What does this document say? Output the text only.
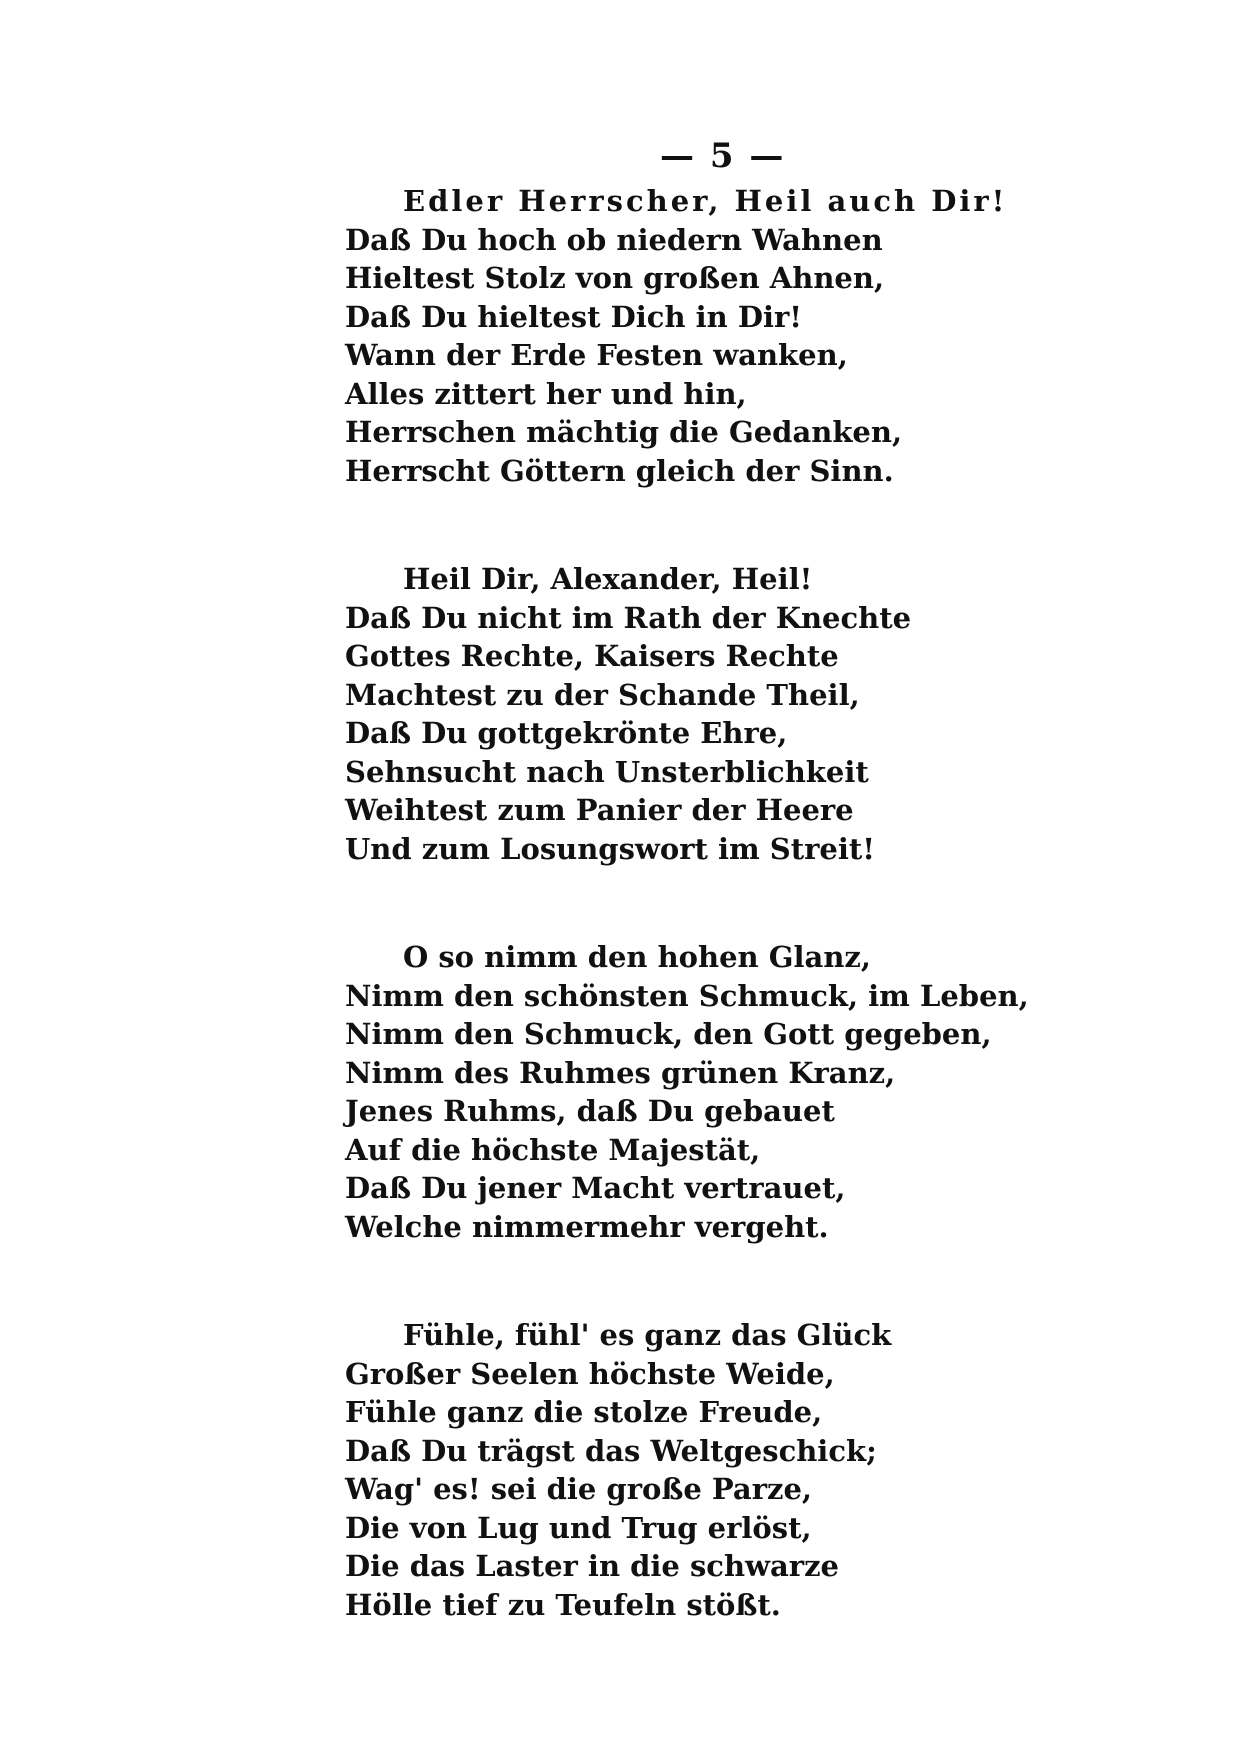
— 5 —
Edler Herrscher, Heil auch Dir!
Daß Du hoch ob niedern Wahnen
Hieltest Stolz von großen Ahnen,
Daß Du hieltest Dich in Dir!
Wann der Erde Festen wanken,
Alles zittert her und hin,
Herrschen mächtig die Gedanken,
Herrscht Göttern gleich der Sinn.
Heil Dir, Alexander, Heil!
Daß Du nicht im Rath der Knechte
Gottes Rechte, Kaisers Rechte
Machtest zu der Schande Theil,
Daß Du gottgekrönte Ehre,
Sehnsucht nach Unsterblichkeit
Weihtest zum Panier der Heere
Und zum Losungswort im Streit!
O so nimm den hohen Glanz,
Nimm den schönsten Schmuck, im Leben,
Nimm den Schmuck, den Gott gegeben,
Nimm des Ruhmes grünen Kranz,
Jenes Ruhms, daß Du gebauet
Auf die höchste Majestät,
Daß Du jener Macht vertrauet,
Welche nimmermehr vergeht.
Fühle, fühl' es ganz das Glück
Großer Seelen höchste Weide,
Fühle ganz die stolze Freude,
Daß Du trägst das Weltgeschick;
Wag' es! sei die große Parze,
Die von Lug und Trug erlöst,
Die das Laster in die schwarze
Hölle tief zu Teufeln stößt.
